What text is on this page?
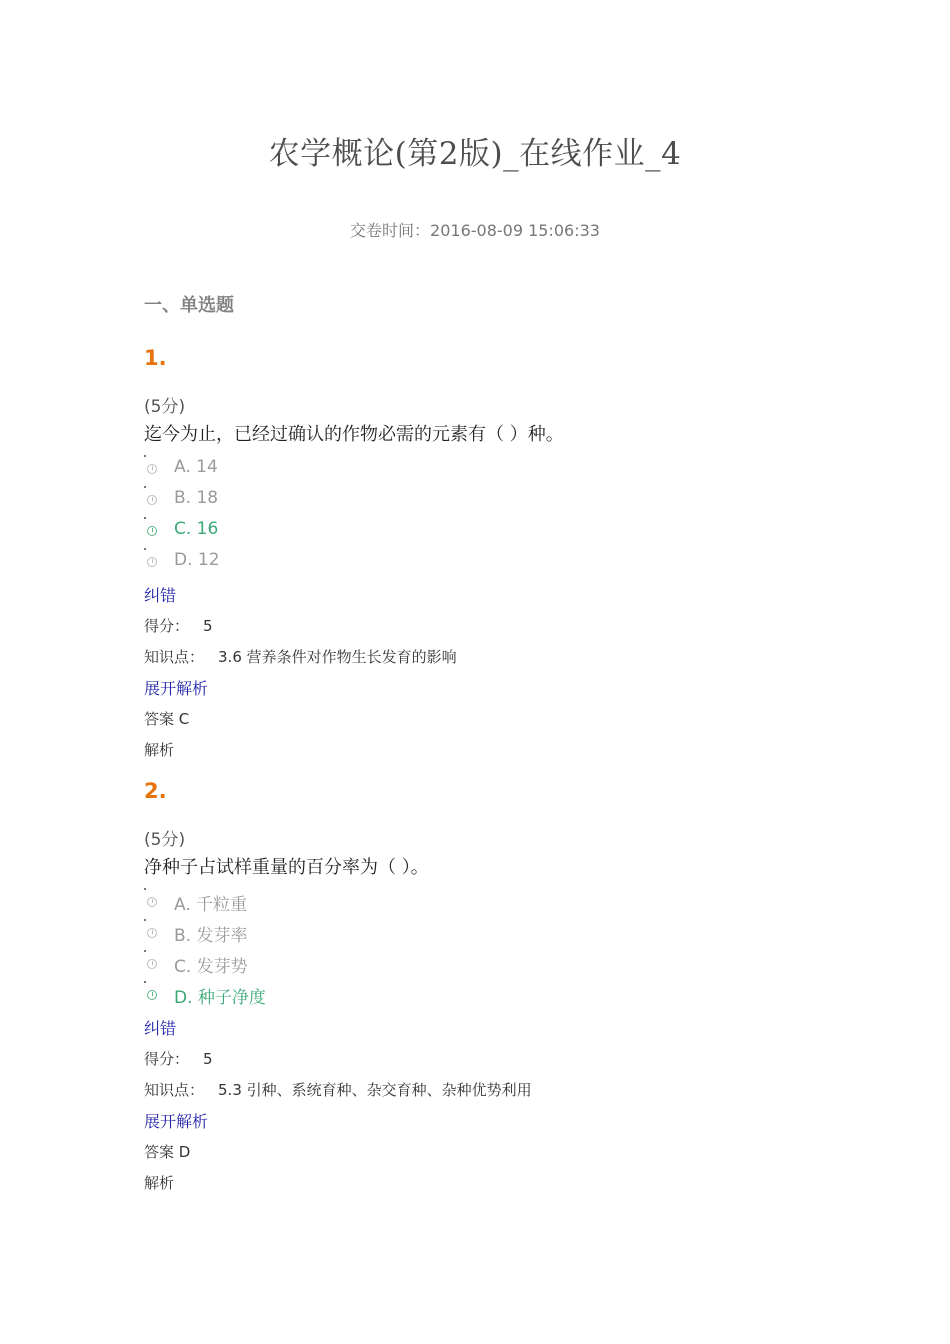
农学概论(第2版)_在线作业_4
交卷时间：2016-08-09 15:06:33
一、单选题
1.
(5分)
迄今为止，已经过确认的作物必需的元素有（ ）种。
A. 14
B. 18
C. 16
D. 12
纠错
得分： 5
知识点： 3.6 营养条件对作物生长发育的影响
展开解析
答案 C
解析
2.
(5分)
净种子占试样重量的百分率为（ ）。
A. 千粒重
B. 发芽率
C. 发芽势
D. 种子净度
纠错
得分： 5
知识点： 5.3 引种、系统育种、杂交育种、杂种优势利用
展开解析
答案 D
解析
